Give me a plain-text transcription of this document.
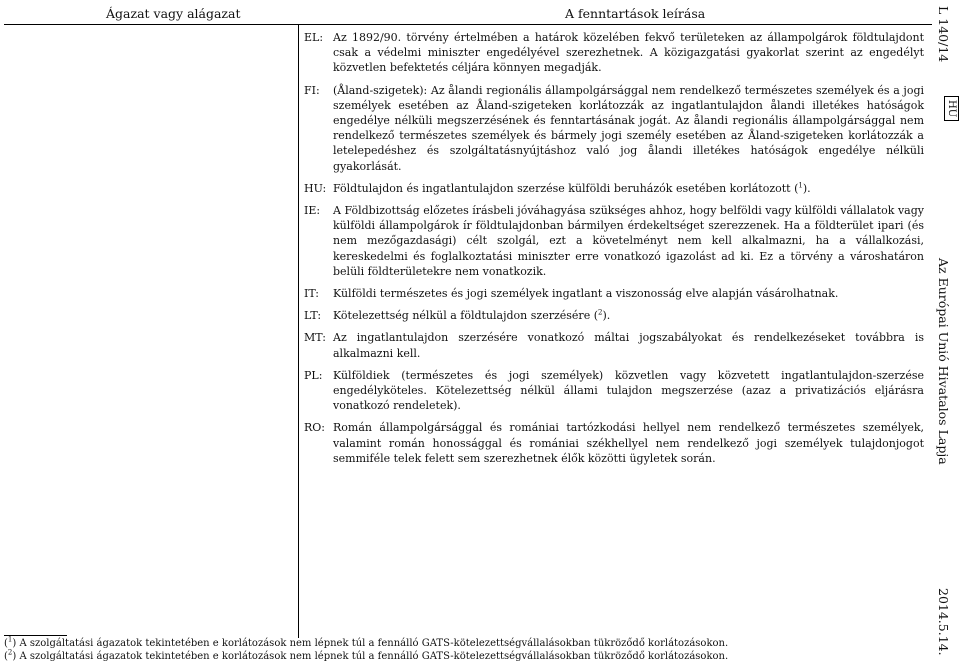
Ágazat vagy alágazat	A fenntartások leírása
EL: Az 1892/90. törvény értelmében a határok közelében fekvő területeken az állampolgárok földtulajdont csak a védelmi miniszter engedélyével szerezhetnek. A közigazgatási gyakorlat szerint az engedélyt közvetlen befektetés céljára könnyen megadják.
FI:	(Åland-szigetek): Az ålandi regionális állampolgársággal nem rendelkező természetes személyek és a jogi személyek esetében az Åland-szigeteken korlátozzák az ingatlantulajdon ålandi illetékes hatóságok engedélye nélküli megszerzésének és fenntartásának jogát. Az ålandi regionális állampolgársággal nem rendelkező természetes személyek és bármely jogi személy esetében az Åland-szigeteken korlátozzák a letelepedéshez és szolgáltatásnyújtáshoz való jog ålandi illetékes hatóságok engedélye nélküli gyakorlását.
HU: Földtulajdon és ingatlantulajdon szerzése külföldi beruházók esetében korlátozott ($^1$).
IE:	A Földbizottság előzetes írásbeli jóváhagyása szükséges ahhoz, hogy belföldi vagy külföldi vállalatok vagy külföldi állampolgárok ír földtulajdonban bármilyen érdekeltséget szerezzenek. Ha a földterület ipari (és nem mezőgazdasági) célt szolgál, ezt a követelményt nem kell alkalmazni, ha a vállalkozási, kereskedelmi és foglalkoztatási miniszter erre vonatkozó igazolást ad ki. Ez a törvény a városhatáron belüli földterületekre nem vonatkozik.
IT:	Külföldi természetes és jogi személyek ingatlant a viszonosság elve alapján vásárolhatnak.
LT:	Kötelezettség nélkül a földtulajdon szerzésére ($^2$).
MT: Az ingatlantulajdon szerzésére vonatkozó máltai jogszabályokat és rendelkezéseket továbbra is alkalmazni kell.
PL: Külföldiek (természetes és jogi személyek) közvetlen vagy közvetett ingatlantulajdon-szerzése engedélyköteles. Kötelezettség nélkül állami tulajdon megszerzése (azaz a privatizációs eljárásra vonatkozó rendeletek).
RO: Román állampolgársággal és romániai tartózkodási hellyel nem rendelkező természetes személyek, valamint román honossággal és romániai székhellyel nem rendelkező jogi személyek tulajdonjogot semmiféle telek felett sem szerezhetnek élők közötti ügyletek során.
($^1$) A szolgáltatási ágazatok tekintetében e korlátozások nem lépnek túl a fennálló GATS-kötelezettségvállalásokban tükröződő korlátozásokon.
($^2$) A szolgáltatási ágazatok tekintetében e korlátozások nem lépnek túl a fennálló GATS-kötelezettségvállalásokban tükröződő korlátozásokon.
L 140/14
HU
Az Európai Unió Hivatalos Lapja
2014.5.14.
